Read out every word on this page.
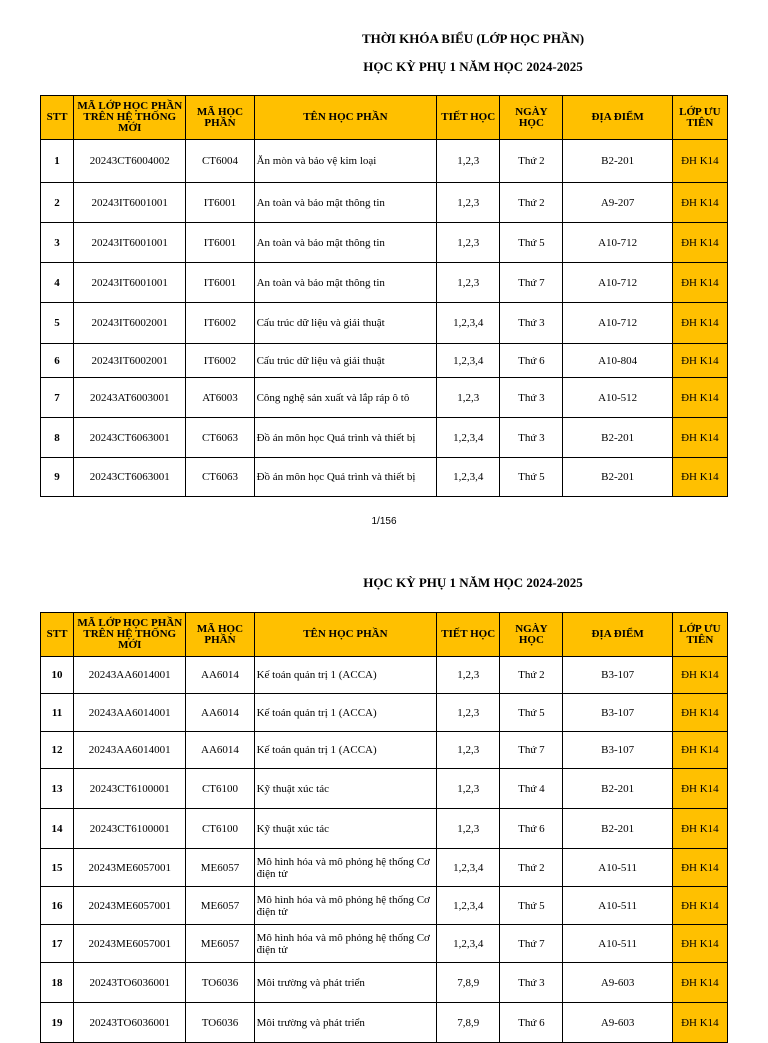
THỜI KHÓA BIỂU (LỚP HỌC PHẦN)
HỌC KỲ PHỤ 1 NĂM HỌC 2024-2025
STT	MÃ LỚP HỌC PHẦN TRÊN HỆ THỐNG MỚI	MÃ HỌC PHẦN	TÊN HỌC PHẦN	TIẾT HỌC	NGÀY HỌC	ĐỊA ĐIỂM	LỚP ƯU TIÊN
1	20243CT6004002	CT6004	Ăn mòn và bảo vệ kim loại	1,2,3	Thứ 2	B2-201	ĐH K14
2	20243IT6001001	IT6001	An toàn và bảo mật thông tin	1,2,3	Thứ 2	A9-207	ĐH K14
3	20243IT6001001	IT6001	An toàn và bảo mật thông tin	1,2,3	Thứ 5	A10-712	ĐH K14
4	20243IT6001001	IT6001	An toàn và bảo mật thông tin	1,2,3	Thứ 7	A10-712	ĐH K14
5	20243IT6002001	IT6002	Cấu trúc dữ liệu và giải thuật	1,2,3,4	Thứ 3	A10-712	ĐH K14
6	20243IT6002001	IT6002	Cấu trúc dữ liệu và giải thuật	1,2,3,4	Thứ 6	A10-804	ĐH K14
7	20243AT6003001	AT6003	Công nghệ sản xuất và lắp ráp ô tô	1,2,3	Thứ 3	A10-512	ĐH K14
8	20243CT6063001	CT6063	Đồ án môn học Quá trình và thiết bị	1,2,3,4	Thứ 3	B2-201	ĐH K14
9	20243CT6063001	CT6063	Đồ án môn học Quá trình và thiết bị	1,2,3,4	Thứ 5	B2-201	ĐH K14
1/156
HỌC KỲ PHỤ 1 NĂM HỌC 2024-2025
STT	MÃ LỚP HỌC PHẦN TRÊN HỆ THỐNG MỚI	MÃ HỌC PHẦN	TÊN HỌC PHẦN	TIẾT HỌC	NGÀY HỌC	ĐỊA ĐIỂM	LỚP ƯU TIÊN
10	20243AA6014001	AA6014	Kế toán quản trị 1 (ACCA)	1,2,3	Thứ 2	B3-107	ĐH K14
11	20243AA6014001	AA6014	Kế toán quản trị 1 (ACCA)	1,2,3	Thứ 5	B3-107	ĐH K14
12	20243AA6014001	AA6014	Kế toán quản trị 1 (ACCA)	1,2,3	Thứ 7	B3-107	ĐH K14
13	20243CT6100001	CT6100	Kỹ thuật xúc tác	1,2,3	Thứ 4	B2-201	ĐH K14
14	20243CT6100001	CT6100	Kỹ thuật xúc tác	1,2,3	Thứ 6	B2-201	ĐH K14
15	20243ME6057001	ME6057	Mô hình hóa và mô phỏng hệ thống Cơ điện tử	1,2,3,4	Thứ 2	A10-511	ĐH K14
16	20243ME6057001	ME6057	Mô hình hóa và mô phỏng hệ thống Cơ điện tử	1,2,3,4	Thứ 5	A10-511	ĐH K14
17	20243ME6057001	ME6057	Mô hình hóa và mô phỏng hệ thống Cơ điện tử	1,2,3,4	Thứ 7	A10-511	ĐH K14
18	20243TO6036001	TO6036	Môi trường và phát triển	7,8,9	Thứ 3	A9-603	ĐH K14
19	20243TO6036001	TO6036	Môi trường và phát triển	7,8,9	Thứ 6	A9-603	ĐH K14
